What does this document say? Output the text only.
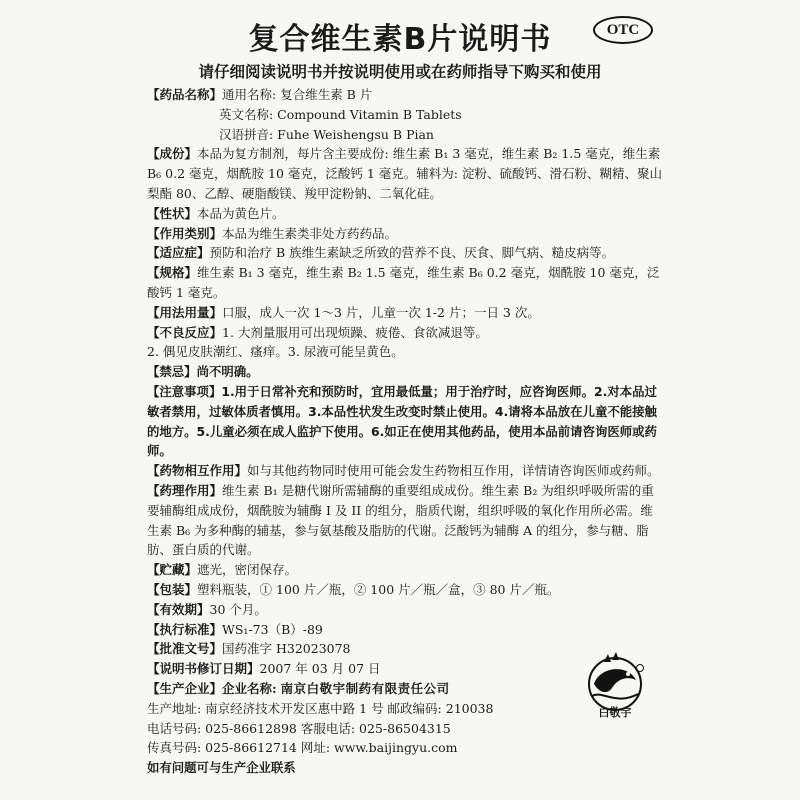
复合维生素B片说明书	OTC
请仔细阅读说明书并按说明使用或在药师指导下购买和使用

【药品名称】通用名称: 复合维生素 B 片

英文名称: Compound Vitamin B Tablets

汉语拼音: Fuhe Weishengsu B Pian

【成份】本品为复方制剂，每片含主要成份: 维生素 B₁ 3 毫克，维生素 B₂ 1.5 毫克，维生素 B₆ 0.2 毫克，烟酰胺 10 毫克，泛酸钙 1 毫克。辅料为: 淀粉、硫酸钙、滑石粉、糊精、聚山梨酯 80、乙醇、硬脂酸镁、羧甲淀粉钠、二氧化硅。

【性状】本品为黄色片。

【作用类别】本品为维生素类非处方药药品。

【适应症】预防和治疗 B 族维生素缺乏所致的营养不良、厌食、脚气病、糙皮病等。

【规格】维生素 B₁ 3 毫克，维生素 B₂ 1.5 毫克，维生素 B₆ 0.2 毫克，烟酰胺 10 毫克，泛酸钙 1 毫克。

【用法用量】口服，成人一次 1～3 片，儿童一次 1-2 片；一日 3 次。

【不良反应】1. 大剂量服用可出现烦躁、疲倦、食欲减退等。

2. 偶见皮肤潮红、瘙痒。3. 尿液可能呈黄色。

【禁忌】尚不明确。

【注意事项】1.用于日常补充和预防时，宜用最低量；用于治疗时，应咨询医师。2.对本品过敏者禁用，过敏体质者慎用。3.本品性状发生改变时禁止使用。4.请将本品放在儿童不能接触的地方。5.儿童必须在成人监护下使用。6.如正在使用其他药品，使用本品前请咨询医师或药师。

【药物相互作用】如与其他药物同时使用可能会发生药物相互作用，详情请咨询医师或药师。

【药理作用】维生素 B₁ 是糖代谢所需辅酶的重要组成成份。维生素 B₂ 为组织呼吸所需的重要辅酶组成成份，烟酰胺为辅酶 I 及 II 的组分，脂质代谢，组织呼吸的氧化作用所必需。维生素 B₆ 为多种酶的辅基，参与氨基酸及脂肪的代谢。泛酸钙为辅酶 A 的组分，参与糖、脂肪、蛋白质的代谢。

【贮藏】遮光，密闭保存。

【包装】塑料瓶装，① 100 片／瓶，② 100 片／瓶／盒，③ 80 片／瓶。

【有效期】30 个月。

【执行标准】WS₁-73（B）-89

【批准文号】国药准字 H32023078

【说明书修订日期】2007 年 03 月 07 日

【生产企业】企业名称: 南京白敬宇制药有限责任公司

生产地址: 南京经济技术开发区惠中路 1 号 邮政编码: 210038

电话号码: 025-86612898 客服电话: 025-86504315

传真号码: 025-86612714 网址: www.baijingyu.com

如有问题可与生产企业联系

白敬宇
